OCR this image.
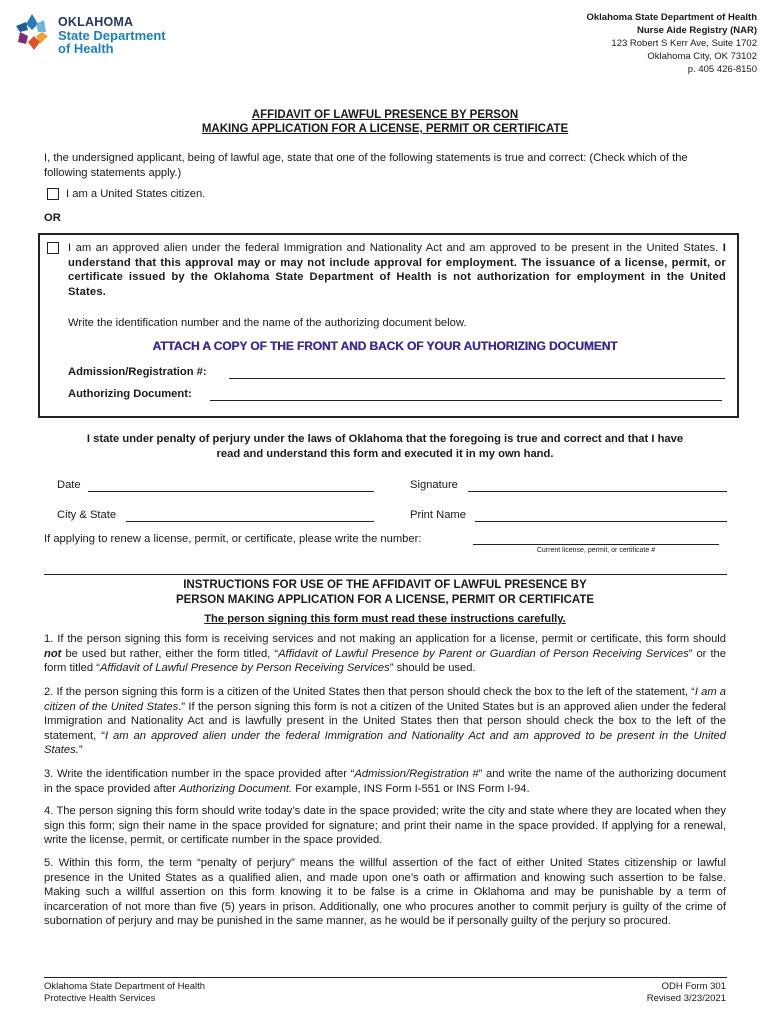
OKLAHOMA
State Department
of Health
Oklahoma State Department of Health
Nurse Aide Registry (NAR)
123 Robert S Kerr Ave, Suite 1702
Oklahoma City, OK 73102
p. 405 426-8150
AFFIDAVIT OF LAWFUL PRESENCE BY PERSON
MAKING APPLICATION FOR A LICENSE, PERMIT OR CERTIFICATE
I, the undersigned applicant, being of lawful age, state that one of the following statements is true and correct: (Check which of the following statements apply.)
I am a United States citizen.
OR
I am an approved alien under the federal Immigration and Nationality Act and am approved to be present in the United States. I understand that this approval may or may not include approval for employment. The issuance of a license, permit, or certificate issued by the Oklahoma State Department of Health is not authorization for employment in the United States.
Write the identification number and the name of the authorizing document below.
ATTACH A COPY OF THE FRONT AND BACK OF YOUR AUTHORIZING DOCUMENT
Admission/Registration #:
Authorizing Document:
I state under penalty of perjury under the laws of Oklahoma that the foregoing is true and correct and that I have
read and understand this form and executed it in my own hand.
Date	Signature
City & State	Print Name
If applying to renew a license, permit, or certificate, please write the number:
Current license, permit, or certificate #
INSTRUCTIONS FOR USE OF THE AFFIDAVIT OF LAWFUL PRESENCE BY
PERSON MAKING APPLICATION FOR A LICENSE, PERMIT OR CERTIFICATE
The person signing this form must read these instructions carefully.
1. If the person signing this form is receiving services and not making an application for a license, permit or certificate, this form should not be used but rather, either the form titled, “Affidavit of Lawful Presence by Parent or Guardian of Person Receiving Services” or the form titled “Affidavit of Lawful Presence by Person Receiving Services” should be used.
2. If the person signing this form is a citizen of the United States then that person should check the box to the left of the statement, “I am a citizen of the United States.” If the person signing this form is not a citizen of the United States but is an approved alien under the federal Immigration and Nationality Act and is lawfully present in the United States then that person should check the box to the left of the statement, “I am an approved alien under the federal Immigration and Nationality Act and am approved to be present in the United States.”
3. Write the identification number in the space provided after “Admission/Registration #” and write the name of the authorizing document in the space provided after Authorizing Document. For example, INS Form I-551 or INS Form I-94.
4. The person signing this form should write today’s date in the space provided; write the city and state where they are located when they sign this form; sign their name in the space provided for signature; and print their name in the space provided. If applying for a renewal, write the license, permit, or certificate number in the space provided.
5. Within this form, the term “penalty of perjury” means the willful assertion of the fact of either United States citizenship or lawful presence in the United States as a qualified alien, and made upon one’s oath or affirmation and knowing such assertion to be false. Making such a willful assertion on this form knowing it to be false is a crime in Oklahoma and may be punishable by a term of incarceration of not more than five (5) years in prison. Additionally, one who procures another to commit perjury is guilty of the crime of subornation of perjury and may be punished in the same manner, as he would be if personally guilty of the perjury so procured.
Oklahoma State Department of Health
Protective Health Services
ODH Form 301
Revised 3/23/2021
